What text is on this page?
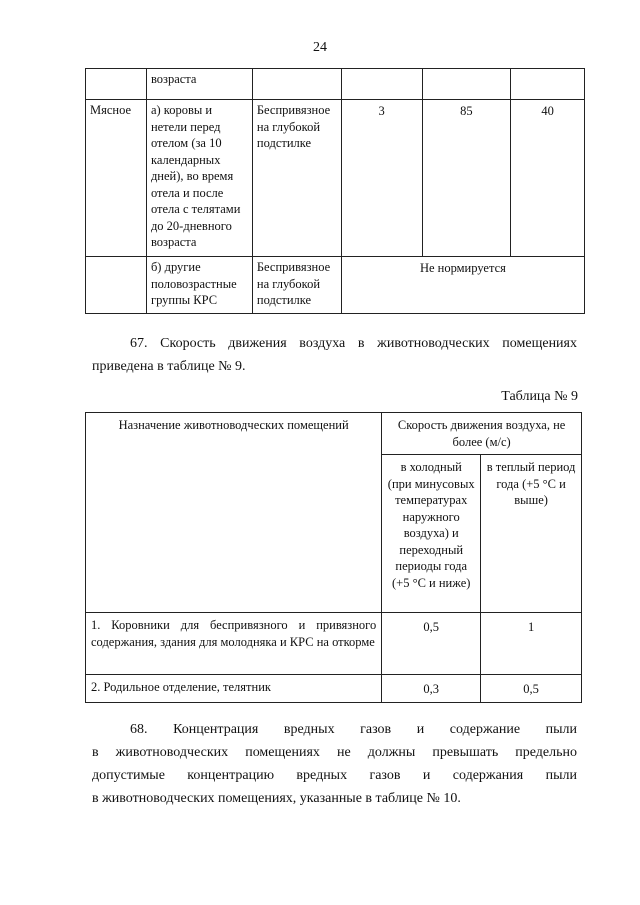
24
	возраста				
Мясное	а) коровы и нетели перед отелом (за 10 календарных дней), во время отела и после отела с телятами до 20-дневного возраста	Беспривязное на глубокой подстилке	3	85	40
	б) другие половозрастные группы КРС	Беспривязное на глубокой подстилке	Не нормируется		
67. Скорость движения воздуха в животноводческих помещениях
приведена в таблице № 9.
Таблица № 9
Назначение животноводческих помещений	Скорость движения воздуха, не более (м/с)	
	в холодный (при минусовых температурах наружного воздуха) и переходный периоды года (+5 °С и ниже)	в теплый период года (+5 °С и выше)
1. Коровники для беспривязного и привязного содержания, здания для молодняка и КРС на откорме	0,5	1
2. Родильное отделение, телятник	0,3	0,5
68. Концентрация вредных газов и содержание пыли
в животноводческих помещениях не должны превышать предельно
допустимые концентрацию вредных газов и содержания пыли
в животноводческих помещениях, указанные в таблице № 10.
